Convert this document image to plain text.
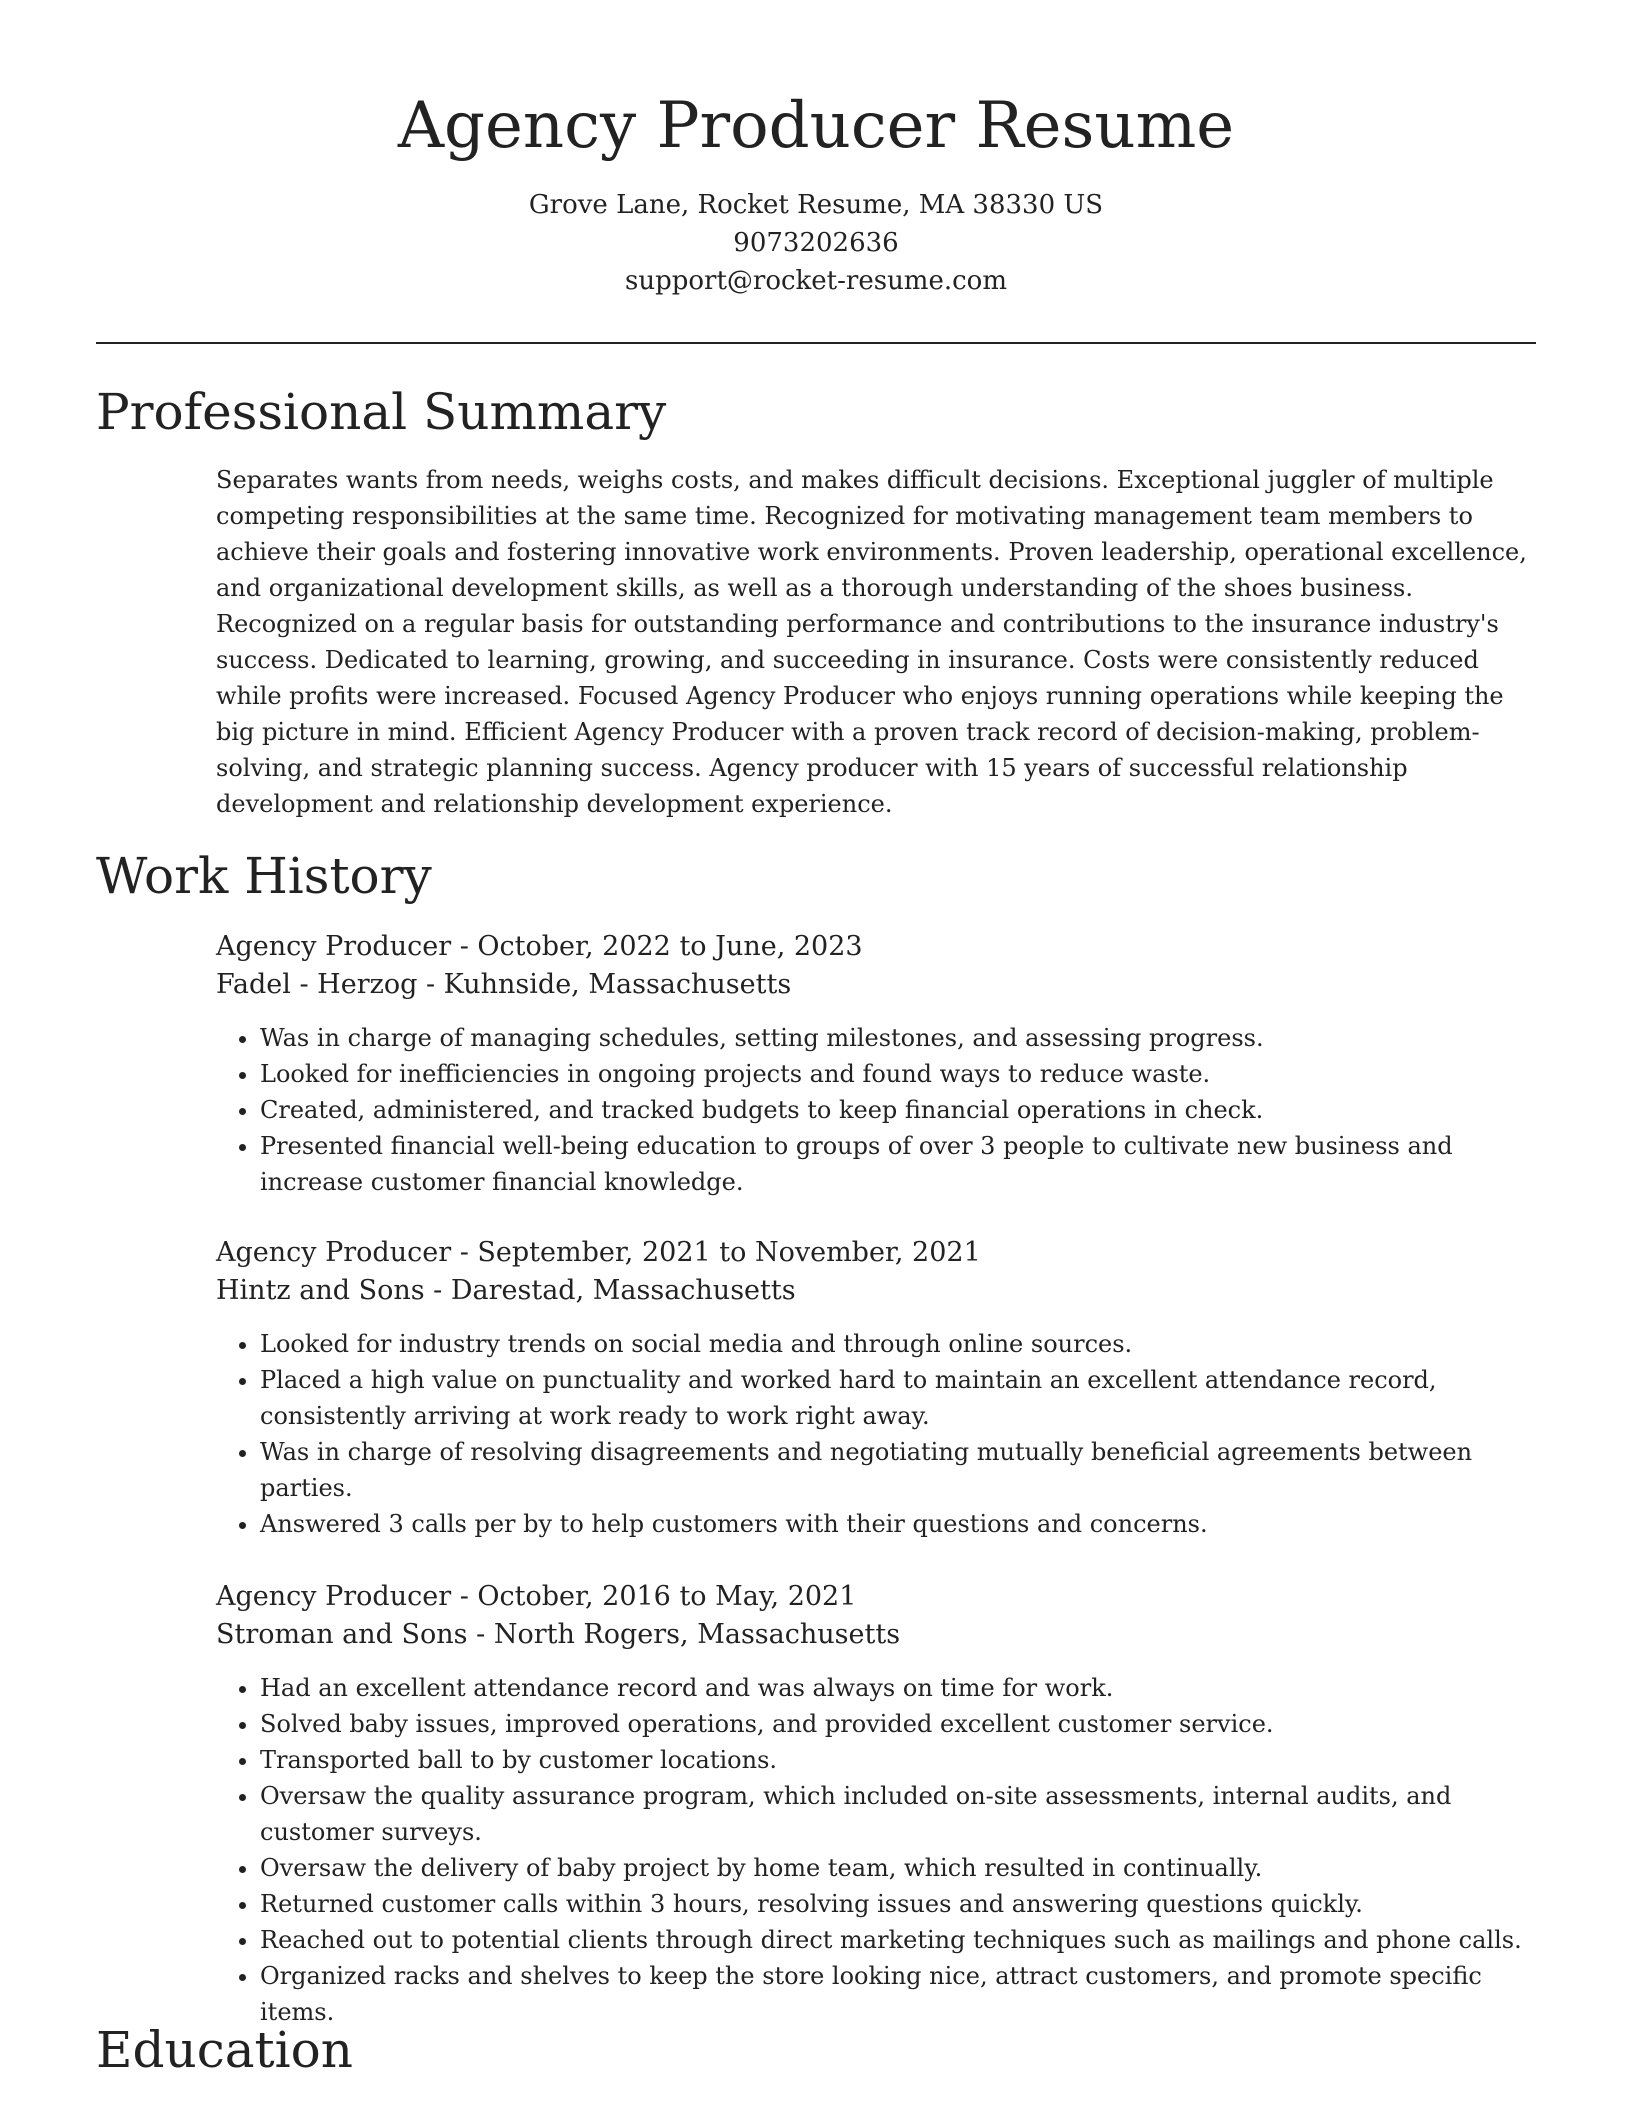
Agency Producer Resume
Grove Lane, Rocket Resume, MA 38330 US
9073202636
support@rocket-resume.com
Professional Summary

Separates wants from needs, weighs costs, and makes difficult decisions. Exceptional juggler of multiple competing responsibilities at the same time. Recognized for motivating management team members to achieve their goals and fostering innovative work environments. Proven leadership, operational excellence, and organizational development skills, as well as a thorough understanding of the shoes business. Recognized on a regular basis for outstanding performance and contributions to the insurance industry's success. Dedicated to learning, growing, and succeeding in insurance. Costs were consistently reduced while profits were increased. Focused Agency Producer who enjoys running operations while keeping the big picture in mind. Efficient Agency Producer with a proven track record of decision-making, problem-solving, and strategic planning success. Agency producer with 15 years of successful relationship development and relationship development experience.

Work History

Agency Producer - October, 2022 to June, 2023

Fadel - Herzog - Kuhnside, Massachusetts

• Was in charge of managing schedules, setting milestones, and assessing progress.
• Looked for inefficiencies in ongoing projects and found ways to reduce waste.
• Created, administered, and tracked budgets to keep financial operations in check.
• Presented financial well-being education to groups of over 3 people to cultivate new business and increase customer financial knowledge.

Agency Producer - September, 2021 to November, 2021

Hintz and Sons - Darestad, Massachusetts

• Looked for industry trends on social media and through online sources.
• Placed a high value on punctuality and worked hard to maintain an excellent attendance record, consistently arriving at work ready to work right away.
• Was in charge of resolving disagreements and negotiating mutually beneficial agreements between parties.
• Answered 3 calls per by to help customers with their questions and concerns.

Agency Producer - October, 2016 to May, 2021

Stroman and Sons - North Rogers, Massachusetts

• Had an excellent attendance record and was always on time for work.
• Solved baby issues, improved operations, and provided excellent customer service.
• Transported ball to by customer locations.
• Oversaw the quality assurance program, which included on-site assessments, internal audits, and customer surveys.
• Oversaw the delivery of baby project by home team, which resulted in continually.
• Returned customer calls within 3 hours, resolving issues and answering questions quickly.
• Reached out to potential clients through direct marketing techniques such as mailings and phone calls.
• Organized racks and shelves to keep the store looking nice, attract customers, and promote specific items.
Education
